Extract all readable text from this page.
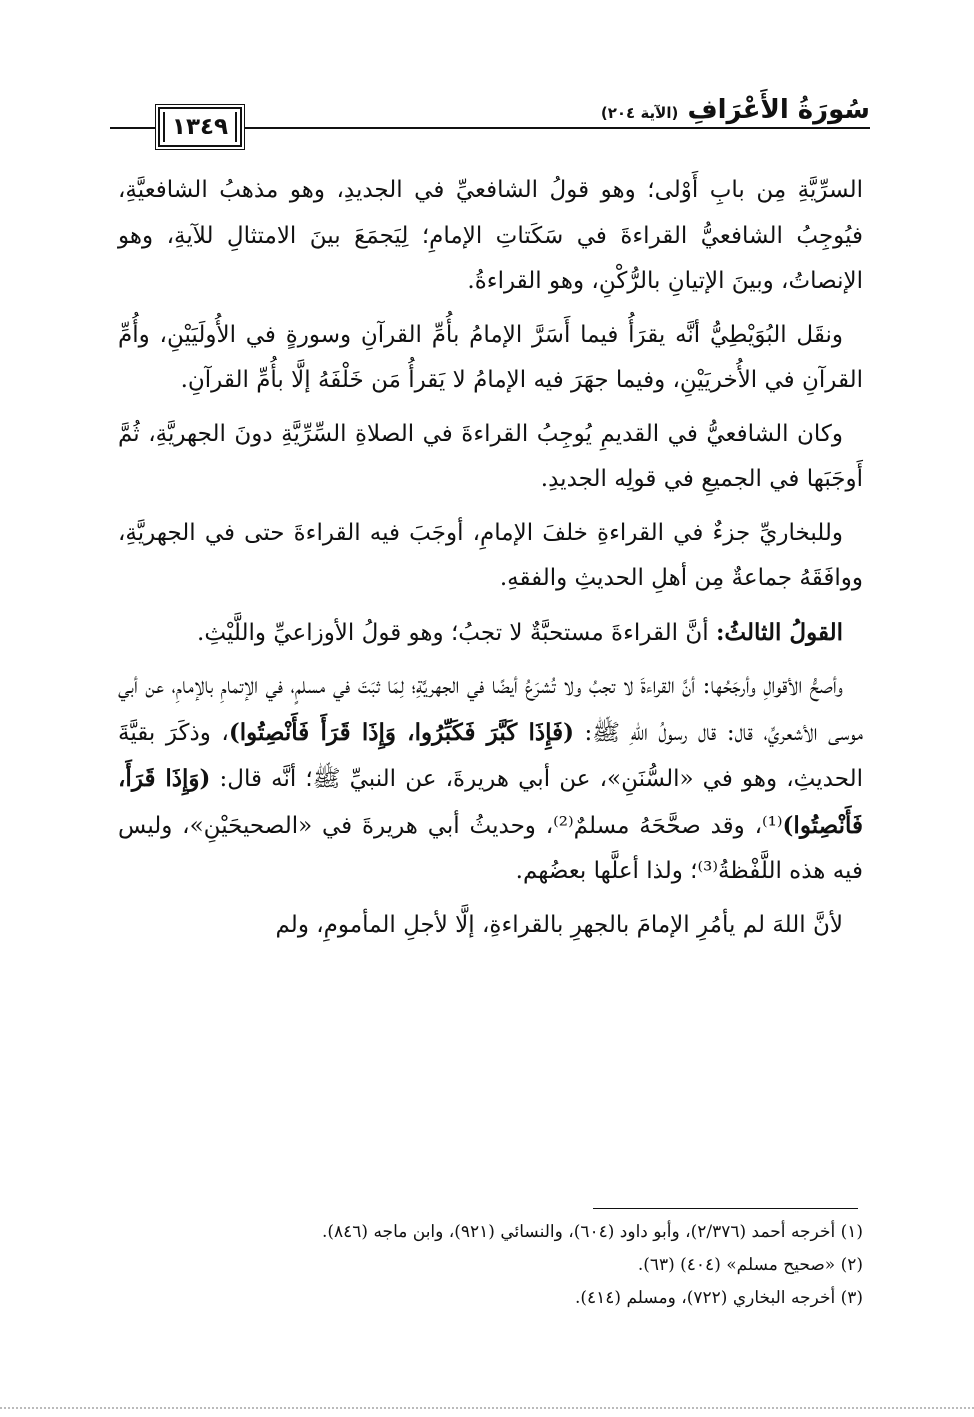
١٣٤٩
سُورَةُ الأَعْرَافِ (الآية ٢٠٤)

السرِّيَّةِ مِن بابِ أَوْلى؛ وهو قولُ الشافعيِّ في الجديدِ، وهو مذهبُ الشافعيَّةِ، فيُوجِبُ الشافعيُّ القراءةَ في سَكَتاتِ الإمامِ؛ لِيَجمَعَ بينَ الامتثالِ للآيةِ، وهو الإنصاتُ، وبينَ الإتيانِ بالرُّكْنِ، وهو القراءةُ.

ونقَل البُوَيْطِيُّ أنَّه يقرَأُ فيما أَسَرَّ الإمامُ بأُمِّ القرآنِ وسورةٍ في الأُولَيَيْنِ، وأُمِّ القرآنِ في الأُخريَيْنِ، وفيما جهَرَ فيه الإمامُ لا يَقرأُ مَن خَلْفَهُ إلَّا بأُمِّ القرآنِ.

وكان الشافعيُّ في القديمِ يُوجِبُ القراءةَ في الصلاةِ السِّرِّيَّةِ دونَ الجهريَّةِ، ثُمَّ أَوجَبَها في الجميعِ في قولِه الجديدِ.

وللبخاريِّ جزءٌ في القراءةِ خلفَ الإمامِ، أوجَبَ فيه القراءةَ حتى في الجهريَّةِ، ووافَقَهُ جماعةٌ مِن أهلِ الحديثِ والفقهِ.

القولُ الثالثُ: أنَّ القراءةَ مستحبَّةٌ لا تجبُ؛ وهو قولُ الأوزاعيِّ واللَّيْثِ.

وأصحُّ الأقوالِ وأرجَحُها: أنَّ القراءةَ لا تجبُ ولا تُشرَعُ أيضًا في الجهريَّةِ؛ لِمَا ثبَتَ في مسلمٍ، في الإتمامِ بالإمامِ، عن أبي موسى الأشعريِّ، قال: قال رسولُ اللهِ ﷺ: (فَإِذَا كَبَّرَ فَكَبِّرُوا، وَإِذَا قَرَأَ فَأَنْصِتُوا)، وذكَرَ بقيَّةَ الحديثِ، وهو في «السُّنَنِ»، عن أبي هريرةَ، عن النبيِّ ﷺ؛ أنَّه قال: (وَإِذَا قَرَأَ، فَأَنْصِتُوا)⁽¹⁾، وقد صحَّحَهُ مسلمٌ⁽²⁾، وحديثُ أبي هريرةَ في «الصحيحَيْنِ»، وليس فيه هذه اللَّفْظةُ⁽³⁾؛ ولذا أعلَّها بعضُهم.

لأنَّ اللهَ لم يأمُرِ الإمامَ بالجهرِ بالقراءةِ، إلَّا لأجلِ المأمومِ، ولم

(١) أخرجه أحمد (٢/٣٧٦)، وأبو داود (٦٠٤)، والنسائي (٩٢١)، وابن ماجه (٨٤٦).
(٢) «صحيح مسلم» (٤٠٤) (٦٣).
(٣) أخرجه البخاري (٧٢٢)، ومسلم (٤١٤).
